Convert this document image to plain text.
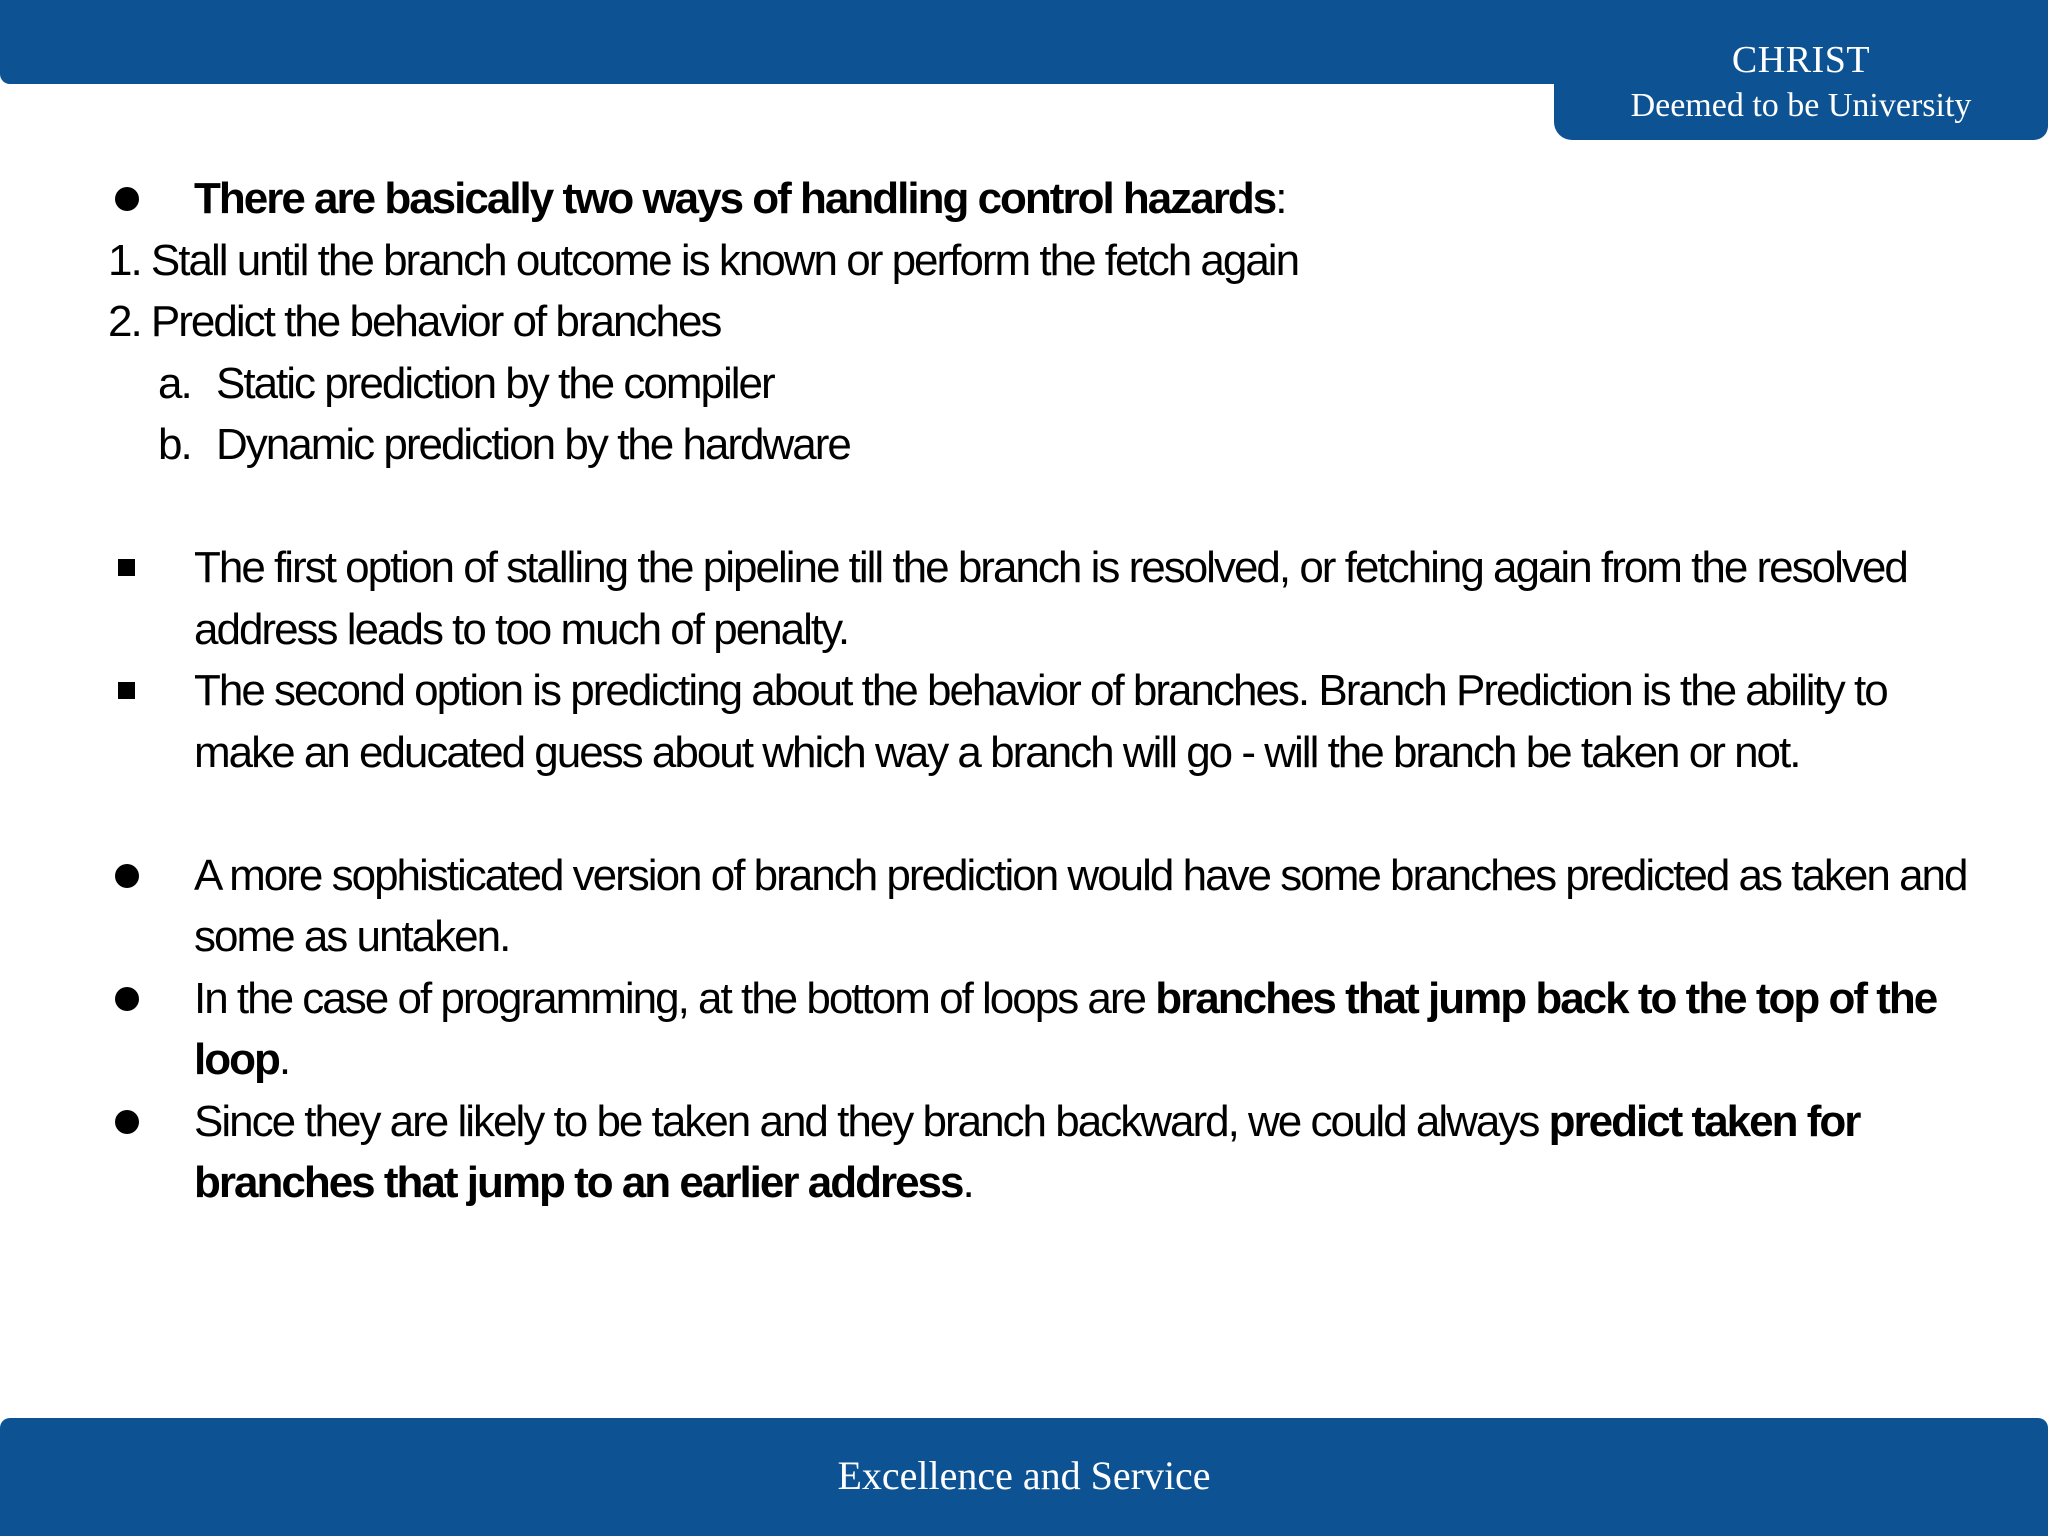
CHRIST
Deemed to be University

There are basically two ways of handling control hazards:

1. Stall until the branch outcome is known or perform the fetch again

2. Predict the behavior of branches

a. Static prediction by the compiler

b. Dynamic prediction by the hardware

The first option of stalling the pipeline till the branch is resolved, or fetching again from the resolved address leads to too much of penalty.

The second option is predicting about the behavior of branches. Branch Prediction is the ability to make an educated guess about which way a branch will go - will the branch be taken or not.

A more sophisticated version of branch prediction would have some branches predicted as taken and some as untaken.

In the case of programming, at the bottom of loops are branches that jump back to the top of the loop.

Since they are likely to be taken and they branch backward, we could always predict taken for branches that jump to an earlier address.

Excellence and Service
